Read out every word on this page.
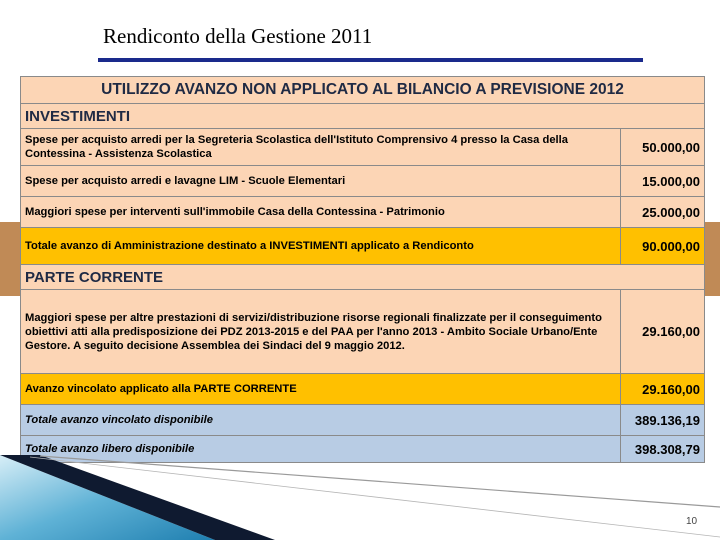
Rendiconto della Gestione 2011
UTILIZZO AVANZO NON APPLICATO AL BILANCIO A PREVISIONE 2012	
INVESTIMENTI	
Spese per acquisto arredi per la Segreteria Scolastica dell'Istituto Comprensivo 4 presso la Casa della Contessina - Assistenza Scolastica	50.000,00
Spese per acquisto arredi e lavagne LIM - Scuole Elementari	15.000,00
Maggiori spese per interventi sull'immobile Casa della Contessina - Patrimonio	25.000,00
Totale avanzo di Amministrazione destinato a INVESTIMENTI applicato a Rendiconto	90.000,00
PARTE CORRENTE	
Maggiori spese per altre prestazioni di servizi/distribuzione risorse regionali finalizzate per il conseguimento obiettivi atti alla predisposizione dei PDZ 2013-2015 e del PAA per l'anno 2013 - Ambito Sociale Urbano/Ente Gestore. A seguito decisione Assemblea dei Sindaci del 9 maggio 2012.	29.160,00
Avanzo vincolato applicato alla PARTE CORRENTE	29.160,00
Totale avanzo vincolato disponibile	389.136,19
Totale avanzo libero disponibile	398.308,79
10
